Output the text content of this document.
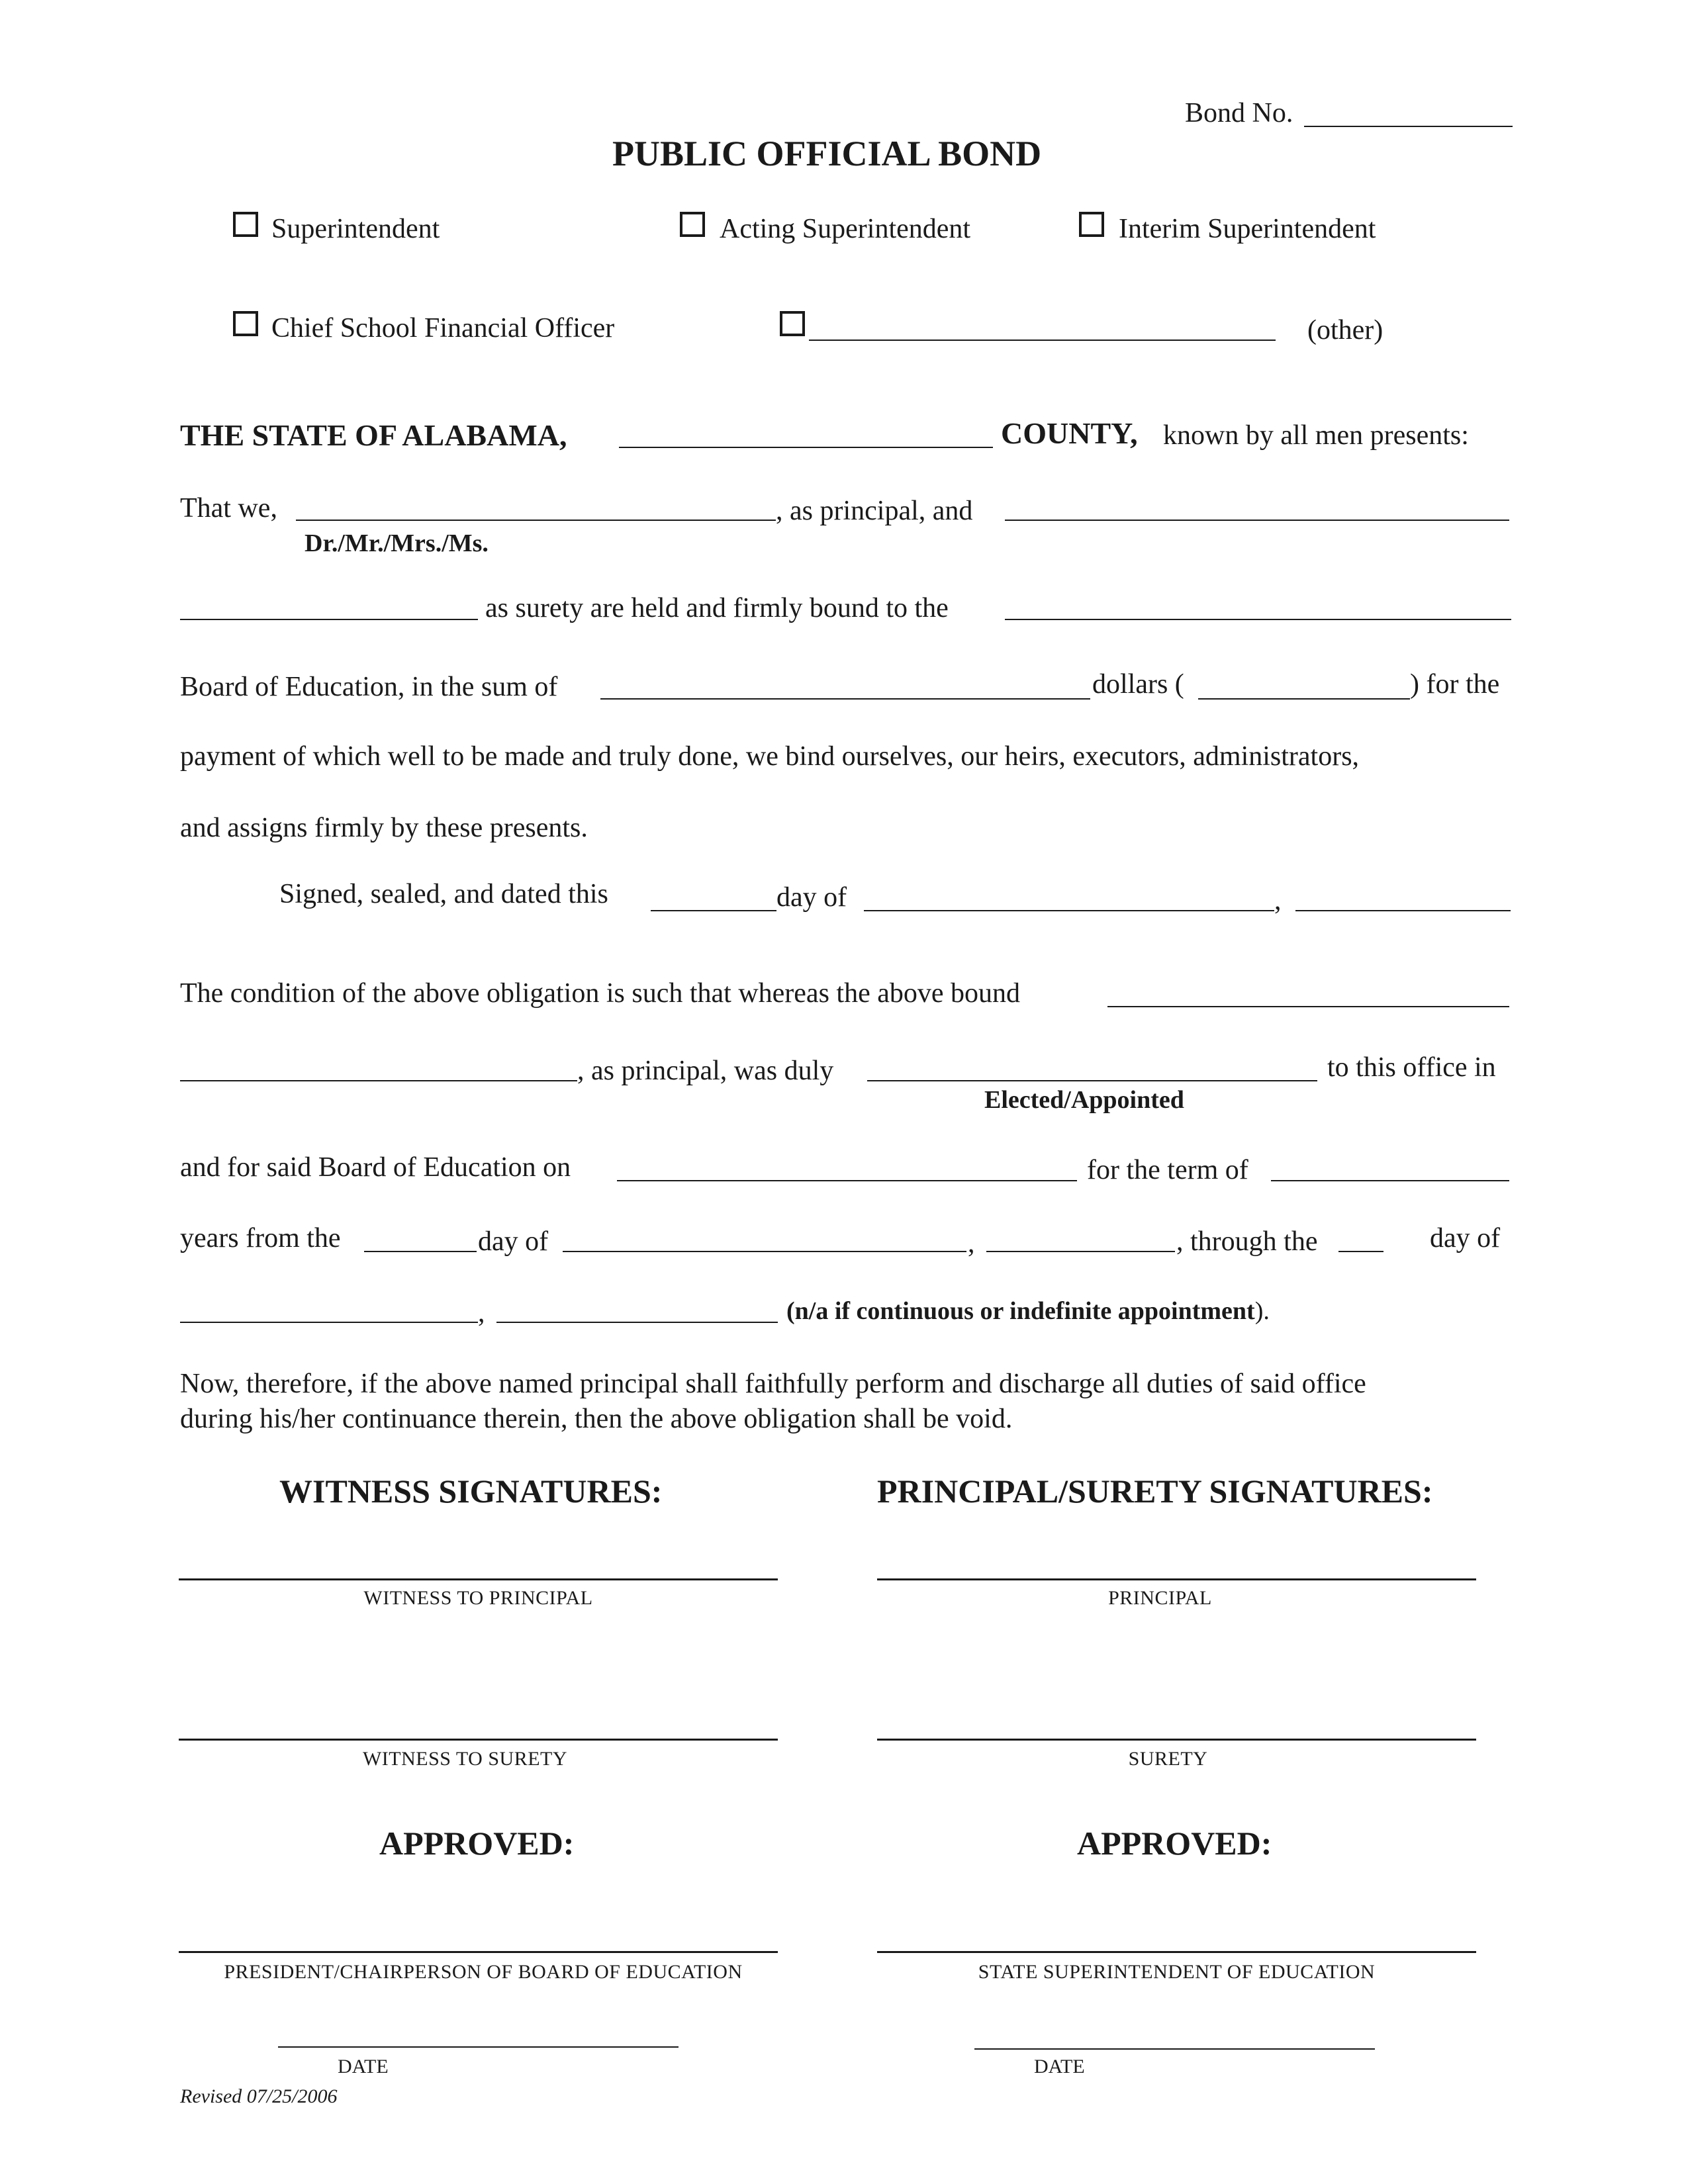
Bond No.
PUBLIC OFFICIAL BOND
Superintendent	Acting Superintendent	Interim Superintendent
Chief School Financial Officer	(other)
THE STATE OF ALABAMA,	COUNTY, known by all men presents:
That we,	, as principal, and
Dr./Mr./Mrs./Ms.
as surety are held and firmly bound to the
Board of Education, in the sum of	dollars (	) for the
payment of which well to be made and truly done, we bind ourselves, our heirs, executors, administrators,
and assigns firmly by these presents.
Signed, sealed, and dated this	day of	,
The condition of the above obligation is such that whereas the above bound
, as principal, was duly	to this office in
Elected/Appointed
and for said Board of Education on	for the term of
years from the	day of	,	, through the	day of
,	(n/a if continuous or indefinite appointment).
Now, therefore, if the above named principal shall faithfully perform and discharge all duties of said office
during his/her continuance therein, then the above obligation shall be void.
WITNESS SIGNATURES:	PRINCIPAL/SURETY SIGNATURES:
WITNESS TO PRINCIPAL	PRINCIPAL
WITNESS TO SURETY	SURETY
APPROVED:	APPROVED:
PRESIDENT/CHAIRPERSON OF BOARD OF EDUCATION	STATE SUPERINTENDENT OF EDUCATION
DATE	DATE
Revised 07/25/2006
